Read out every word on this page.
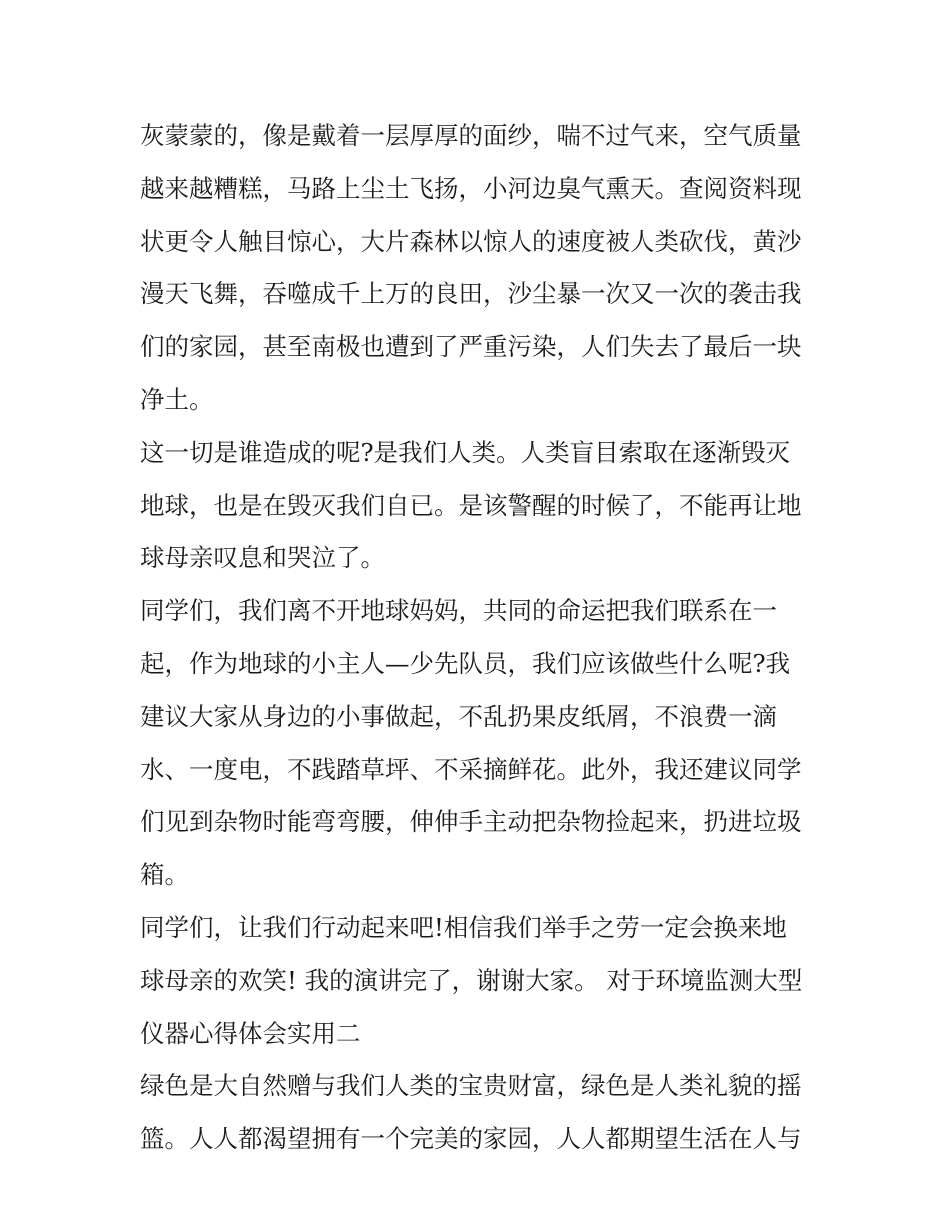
灰蒙蒙的，像是戴着一层厚厚的面纱，喘不过气来，空气质量
越来越糟糕，马路上尘土飞扬，小河边臭气熏天。查阅资料现
状更令人触目惊心，大片森林以惊人的速度被人类砍伐，黄沙
漫天飞舞，吞噬成千上万的良田，沙尘暴一次又一次的袭击我
们的家园，甚至南极也遭到了严重污染，人们失去了最后一块
净土。
这一切是谁造成的呢?是我们人类。人类盲目索取在逐渐毁灭
地球，也是在毁灭我们自已。是该警醒的时候了，不能再让地
球母亲叹息和哭泣了。
同学们，我们离不开地球妈妈，共同的命运把我们联系在一
起，作为地球的小主人—少先队员，我们应该做些什么呢?我
建议大家从身边的小事做起，不乱扔果皮纸屑，不浪费一滴
水、一度电，不践踏草坪、不采摘鲜花。此外，我还建议同学
们见到杂物时能弯弯腰，伸伸手主动把杂物捡起来，扔进垃圾
箱。
同学们，让我们行动起来吧!相信我们举手之劳一定会换来地
球母亲的欢笑! 我的演讲完了，谢谢大家。 对于环境监测大型
仪器心得体会实用二
绿色是大自然赠与我们人类的宝贵财富，绿色是人类礼貌的摇
篮。人人都渴望拥有一个完美的家园，人人都期望生活在人与
